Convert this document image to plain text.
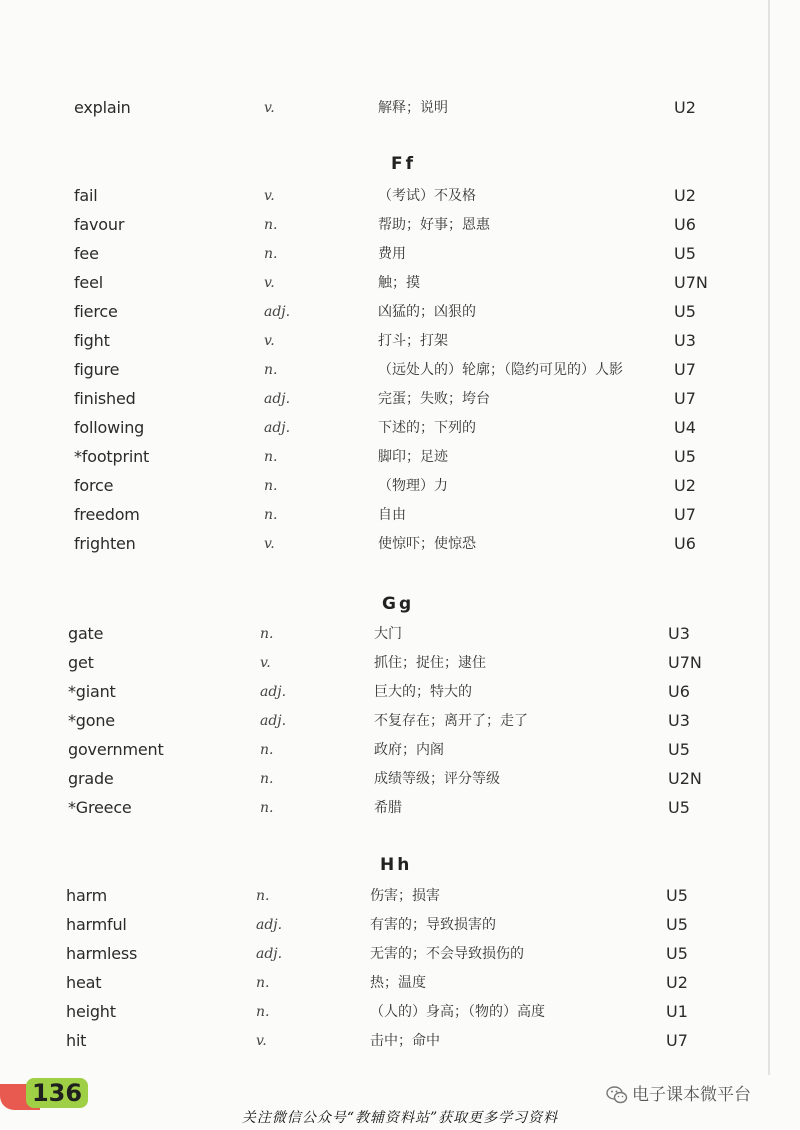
explain	v.	解释；说明	U2
Ff
fail	v.	（考试）不及格	U2
favour	n.	帮助；好事；恩惠	U6
fee	n.	费用	U5
feel	v.	触；摸	U7N
fierce	adj.	凶猛的；凶狠的	U5
fight	v.	打斗；打架	U3
figure	n.	（远处人的）轮廓；（隐约可见的）人影	U7
finished	adj.	完蛋；失败；垮台	U7
following	adj.	下述的；下列的	U4
*footprint	n.	脚印；足迹	U5
force	n.	（物理）力	U2
freedom	n.	自由	U7
frighten	v.	使惊吓；使惊恐	U6
Gg
gate	n.	大门	U3
get	v.	抓住；捉住；逮住	U7N
*giant	adj.	巨大的；特大的	U6
*gone	adj.	不复存在；离开了；走了	U3
government	n.	政府；内阁	U5
grade	n.	成绩等级；评分等级	U2N
*Greece	n.	希腊	U5
Hh
harm	n.	伤害；损害	U5
harmful	adj.	有害的；导致损害的	U5
harmless	adj.	无害的；不会导致损伤的	U5
heat	n.	热；温度	U2
height	n.	（人的）身高；（物的）高度	U1
hit	v.	击中；命中	U7
136	电子课本微平台
关注微信公众号“教辅资料站”获取更多学习资料
